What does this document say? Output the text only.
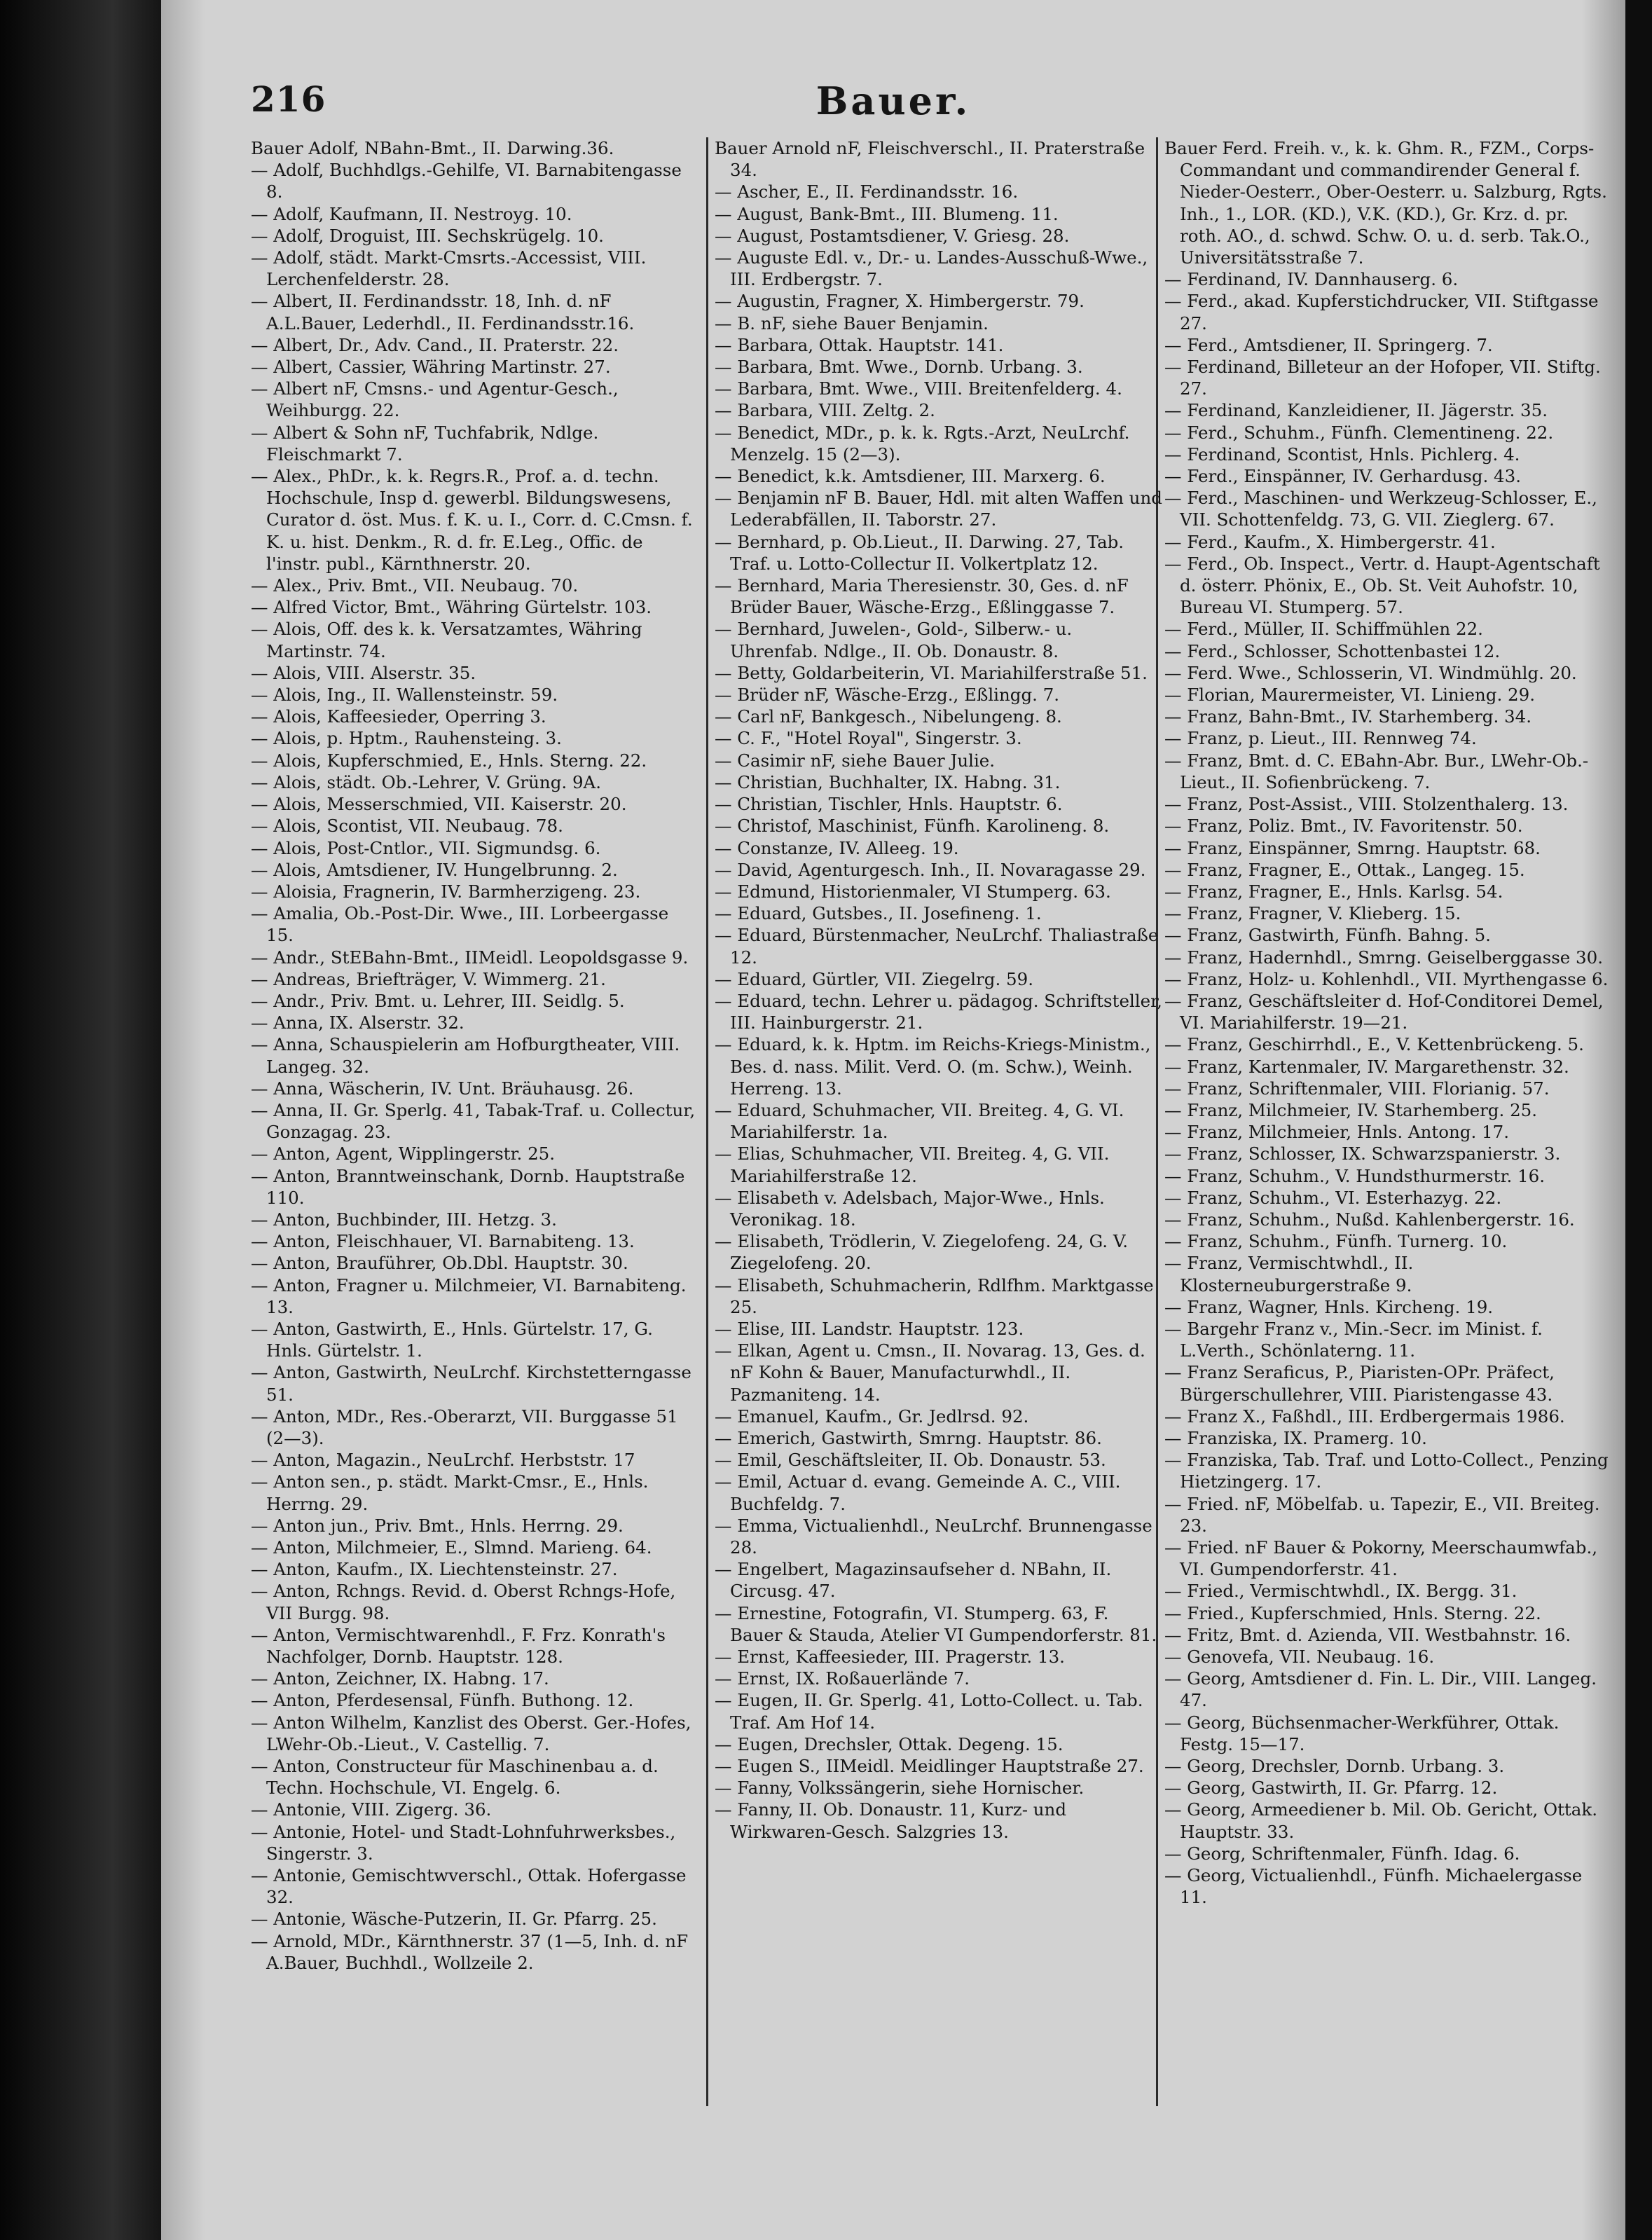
216	Bauer.

Bauer Adolf, NBahn-Bmt., II. Darwing.36.

— Adolf, Buchhdlgs.-Gehilfe, VI. Barnabitengasse 8.

— Adolf, Kaufmann, II. Nestroyg. 10.

— Adolf, Droguist, III. Sechskrügelg. 10.

— Adolf, städt. Markt-Cmsrts.-Accessist, VIII. Lerchenfelderstr. 28.

— Albert, II. Ferdinandsstr. 18, Inh. d. nF A.L.Bauer, Lederhdl., II. Ferdinandsstr.16.

— Albert, Dr., Adv. Cand., II. Praterstr. 22.

— Albert, Cassier, Währing Martinstr. 27.

— Albert nF, Cmsns.- und Agentur-Gesch., Weihburgg. 22.

— Albert & Sohn nF, Tuchfabrik, Ndlge. Fleischmarkt 7.

— Alex., PhDr., k. k. Regrs.R., Prof. a. d. techn. Hochschule, Insp d. gewerbl. Bildungswesens, Curator d. öst. Mus. f. K. u. I., Corr. d. C.Cmsn. f. K. u. hist. Denkm., R. d. fr. E.Leg., Offic. de l'instr. publ., Kärnthnerstr. 20.

— Alex., Priv. Bmt., VII. Neubaug. 70.

— Alfred Victor, Bmt., Währing Gürtelstr. 103.

— Alois, Off. des k. k. Versatzamtes, Währing Martinstr. 74.

— Alois, VIII. Alserstr. 35.

— Alois, Ing., II. Wallensteinstr. 59.

— Alois, Kaffeesieder, Operring 3.

— Alois, p. Hptm., Rauhensteing. 3.

— Alois, Kupferschmied, E., Hnls. Sterng. 22.

— Alois, städt. Ob.-Lehrer, V. Grüng. 9A.

— Alois, Messerschmied, VII. Kaiserstr. 20.

— Alois, Scontist, VII. Neubaug. 78.

— Alois, Post-Cntlor., VII. Sigmundsg. 6.

— Alois, Amtsdiener, IV. Hungelbrunng. 2.

— Aloisia, Fragnerin, IV. Barmherzigeng. 23.

— Amalia, Ob.-Post-Dir. Wwe., III. Lorbeergasse 15.

— Andr., StEBahn-Bmt., IIMeidl. Leopoldsgasse 9.

— Andreas, Briefträger, V. Wimmerg. 21.

— Andr., Priv. Bmt. u. Lehrer, III. Seidlg. 5.

— Anna, IX. Alserstr. 32.

— Anna, Schauspielerin am Hofburgtheater, VIII. Langeg. 32.

— Anna, Wäscherin, IV. Unt. Bräuhausg. 26.

— Anna, II. Gr. Sperlg. 41, Tabak-Traf. u. Collectur, Gonzagag. 23.

— Anton, Agent, Wipplingerstr. 25.

— Anton, Branntweinschank, Dornb. Hauptstraße 110.

— Anton, Buchbinder, III. Hetzg. 3.

— Anton, Fleischhauer, VI. Barnabiteng. 13.

— Anton, Brauführer, Ob.Dbl. Hauptstr. 30.

— Anton, Fragner u. Milchmeier, VI. Barnabiteng. 13.

— Anton, Gastwirth, E., Hnls. Gürtelstr. 17, G. Hnls. Gürtelstr. 1.

— Anton, Gastwirth, NeuLrchf. Kirchstetterngasse 51.

— Anton, MDr., Res.-Oberarzt, VII. Burggasse 51 (2—3).

— Anton, Magazin., NeuLrchf. Herbststr. 17

— Anton sen., p. städt. Markt-Cmsr., E., Hnls. Herrng. 29.

— Anton jun., Priv. Bmt., Hnls. Herrng. 29.

— Anton, Milchmeier, E., Slmnd. Marieng. 64.

— Anton, Kaufm., IX. Liechtensteinstr. 27.

— Anton, Rchngs. Revid. d. Oberst Rchngs-Hofe, VII Burgg. 98.

— Anton, Vermischtwarenhdl., F. Frz. Konrath's Nachfolger, Dornb. Hauptstr. 128.

— Anton, Zeichner, IX. Habng. 17.

— Anton, Pferdesensal, Fünfh. Buthong. 12.

— Anton Wilhelm, Kanzlist des Oberst. Ger.-Hofes, LWehr-Ob.-Lieut., V. Castellig. 7.

— Anton, Constructeur für Maschinenbau a. d. Techn. Hochschule, VI. Engelg. 6.

— Antonie, VIII. Zigerg. 36.

— Antonie, Hotel- und Stadt-Lohnfuhrwerksbes., Singerstr. 3.

— Antonie, Gemischtwverschl., Ottak. Hofergasse 32.

— Antonie, Wäsche-Putzerin, II. Gr. Pfarrg. 25.

— Arnold, MDr., Kärnthnerstr. 37 (1—5, Inh. d. nF A.Bauer, Buchhdl., Wollzeile 2.

Bauer Arnold nF, Fleischverschl., II. Praterstraße 34.

— Ascher, E., II. Ferdinandsstr. 16.

— August, Bank-Bmt., III. Blumeng. 11.

— August, Postamtsdiener, V. Griesg. 28.

— Auguste Edl. v., Dr.- u. Landes-Ausschuß-Wwe., III. Erdbergstr. 7.

— Augustin, Fragner, X. Himbergerstr. 79.

— B. nF, siehe Bauer Benjamin.

— Barbara, Ottak. Hauptstr. 141.

— Barbara, Bmt. Wwe., Dornb. Urbang. 3.

— Barbara, Bmt. Wwe., VIII. Breitenfelderg. 4.

— Barbara, VIII. Zeltg. 2.

— Benedict, MDr., p. k. k. Rgts.-Arzt, NeuLrchf. Menzelg. 15 (2—3).

— Benedict, k.k. Amtsdiener, III. Marxerg. 6.

— Benjamin nF B. Bauer, Hdl. mit alten Waffen und Lederabfällen, II. Taborstr. 27.

— Bernhard, p. Ob.Lieut., II. Darwing. 27, Tab. Traf. u. Lotto-Collectur II. Volkertplatz 12.

— Bernhard, Maria Theresienstr. 30, Ges. d. nF Brüder Bauer, Wäsche-Erzg., Eßlinggasse 7.

— Bernhard, Juwelen-, Gold-, Silberw.- u. Uhrenfab. Ndlge., II. Ob. Donaustr. 8.

— Betty, Goldarbeiterin, VI. Mariahilferstraße 51.

— Brüder nF, Wäsche-Erzg., Eßlingg. 7.

— Carl nF, Bankgesch., Nibelungeng. 8.

— C. F., "Hotel Royal", Singerstr. 3.

— Casimir nF, siehe Bauer Julie.

— Christian, Buchhalter, IX. Habng. 31.

— Christian, Tischler, Hnls. Hauptstr. 6.

— Christof, Maschinist, Fünfh. Karolineng. 8.

— Constanze, IV. Alleeg. 19.

— David, Agenturgesch. Inh., II. Novaragasse 29.

— Edmund, Historienmaler, VI Stumperg. 63.

— Eduard, Gutsbes., II. Josefineng. 1.

— Eduard, Bürstenmacher, NeuLrchf. Thaliastraße 12.

— Eduard, Gürtler, VII. Ziegelrg. 59.

— Eduard, techn. Lehrer u. pädagog. Schriftsteller, III. Hainburgerstr. 21.

— Eduard, k. k. Hptm. im Reichs-Kriegs-Ministm., Bes. d. nass. Milit. Verd. O. (m. Schw.), Weinh. Herreng. 13.

— Eduard, Schuhmacher, VII. Breiteg. 4, G. VI. Mariahilferstr. 1a.

— Elias, Schuhmacher, VII. Breiteg. 4, G. VII. Mariahilferstraße 12.

— Elisabeth v. Adelsbach, Major-Wwe., Hnls. Veronikag. 18.

— Elisabeth, Trödlerin, V. Ziegelofeng. 24, G. V. Ziegelofeng. 20.

— Elisabeth, Schuhmacherin, Rdlfhm. Marktgasse 25.

— Elise, III. Landstr. Hauptstr. 123.

— Elkan, Agent u. Cmsn., II. Novarag. 13, Ges. d. nF Kohn & Bauer, Manufacturwhdl., II. Pazmaniteng. 14.

— Emanuel, Kaufm., Gr. Jedlrsd. 92.

— Emerich, Gastwirth, Smrng. Hauptstr. 86.

— Emil, Geschäftsleiter, II. Ob. Donaustr. 53.

— Emil, Actuar d. evang. Gemeinde A. C., VIII. Buchfeldg. 7.

— Emma, Victualienhdl., NeuLrchf. Brunnengasse 28.

— Engelbert, Magazinsaufseher d. NBahn, II. Circusg. 47.

— Ernestine, Fotografin, VI. Stumperg. 63, F. Bauer & Stauda, Atelier VI Gumpendorferstr. 81.

— Ernst, Kaffeesieder, III. Pragerstr. 13.

— Ernst, IX. Roßauerlände 7.

— Eugen, II. Gr. Sperlg. 41, Lotto-Collect. u. Tab. Traf. Am Hof 14.

— Eugen, Drechsler, Ottak. Degeng. 15.

— Eugen S., IIMeidl. Meidlinger Hauptstraße 27.

— Fanny, Volkssängerin, siehe Hornischer.

— Fanny, II. Ob. Donaustr. 11, Kurz- und Wirkwaren-Gesch. Salzgries 13.

Bauer Ferd. Freih. v., k. k. Ghm. R., FZM., Corps-Commandant und commandirender General f. Nieder-Oesterr., Ober-Oesterr. u. Salzburg, Rgts. Inh., 1., LOR. (KD.), V.K. (KD.), Gr. Krz. d. pr. roth. AO., d. schwd. Schw. O. u. d. serb. Tak.O., Universitätsstraße 7.

— Ferdinand, IV. Dannhauserg. 6.

— Ferd., akad. Kupferstichdrucker, VII. Stiftgasse 27.

— Ferd., Amtsdiener, II. Springerg. 7.

— Ferdinand, Billeteur an der Hofoper, VII. Stiftg. 27.

— Ferdinand, Kanzleidiener, II. Jägerstr. 35.

— Ferd., Schuhm., Fünfh. Clementineng. 22.

— Ferdinand, Scontist, Hnls. Pichlerg. 4.

— Ferd., Einspänner, IV. Gerhardusg. 43.

— Ferd., Maschinen- und Werkzeug-Schlosser, E., VII. Schottenfeldg. 73, G. VII. Zieglerg. 67.

— Ferd., Kaufm., X. Himbergerstr. 41.

— Ferd., Ob. Inspect., Vertr. d. Haupt-Agentschaft d. österr. Phönix, E., Ob. St. Veit Auhofstr. 10, Bureau VI. Stumperg. 57.

— Ferd., Müller, II. Schiffmühlen 22.

— Ferd., Schlosser, Schottenbastei 12.

— Ferd. Wwe., Schlosserin, VI. Windmühlg. 20.

— Florian, Maurermeister, VI. Linieng. 29.

— Franz, Bahn-Bmt., IV. Starhemberg. 34.

— Franz, p. Lieut., III. Rennweg 74.

— Franz, Bmt. d. C. EBahn-Abr. Bur., LWehr-Ob.-Lieut., II. Sofienbrückeng. 7.

— Franz, Post-Assist., VIII. Stolzenthalerg. 13.

— Franz, Poliz. Bmt., IV. Favoritenstr. 50.

— Franz, Einspänner, Smrng. Hauptstr. 68.

— Franz, Fragner, E., Ottak., Langeg. 15.

— Franz, Fragner, E., Hnls. Karlsg. 54.

— Franz, Fragner, V. Klieberg. 15.

— Franz, Gastwirth, Fünfh. Bahng. 5.

— Franz, Hadernhdl., Smrng. Geiselberggasse 30.

— Franz, Holz- u. Kohlenhdl., VII. Myrthengasse 6.

— Franz, Geschäftsleiter d. Hof-Conditorei Demel, VI. Mariahilferstr. 19—21.

— Franz, Geschirrhdl., E., V. Kettenbrückeng. 5.

— Franz, Kartenmaler, IV. Margarethenstr. 32.

— Franz, Schriftenmaler, VIII. Florianig. 57.

— Franz, Milchmeier, IV. Starhemberg. 25.

— Franz, Milchmeier, Hnls. Antong. 17.

— Franz, Schlosser, IX. Schwarzspanierstr. 3.

— Franz, Schuhm., V. Hundsthurmerstr. 16.

— Franz, Schuhm., VI. Esterhazyg. 22.

— Franz, Schuhm., Nußd. Kahlenbergerstr. 16.

— Franz, Schuhm., Fünfh. Turnerg. 10.

— Franz, Vermischtwhdl., II. Klosterneuburgerstraße 9.

— Franz, Wagner, Hnls. Kircheng. 19.

— Bargehr Franz v., Min.-Secr. im Minist. f. L.Verth., Schönlaterng. 11.

— Franz Seraficus, P., Piaristen-OPr. Präfect, Bürgerschullehrer, VIII. Piaristengasse 43.

— Franz X., Faßhdl., III. Erdbergermais 1986.

— Franziska, IX. Pramerg. 10.

— Franziska, Tab. Traf. und Lotto-Collect., Penzing Hietzingerg. 17.

— Fried. nF, Möbelfab. u. Tapezir, E., VII. Breiteg. 23.

— Fried. nF Bauer & Pokorny, Meerschaumwfab., VI. Gumpendorferstr. 41.

— Fried., Vermischtwhdl., IX. Bergg. 31.

— Fried., Kupferschmied, Hnls. Sterng. 22.

— Fritz, Bmt. d. Azienda, VII. Westbahnstr. 16.

— Genovefa, VII. Neubaug. 16.

— Georg, Amtsdiener d. Fin. L. Dir., VIII. Langeg. 47.

— Georg, Büchsenmacher-Werkführer, Ottak. Festg. 15—17.

— Georg, Drechsler, Dornb. Urbang. 3.

— Georg, Gastwirth, II. Gr. Pfarrg. 12.

— Georg, Armeediener b. Mil. Ob. Gericht, Ottak. Hauptstr. 33.

— Georg, Schriftenmaler, Fünfh. Idag. 6.

— Georg, Victualienhdl., Fünfh. Michaelergasse 11.
